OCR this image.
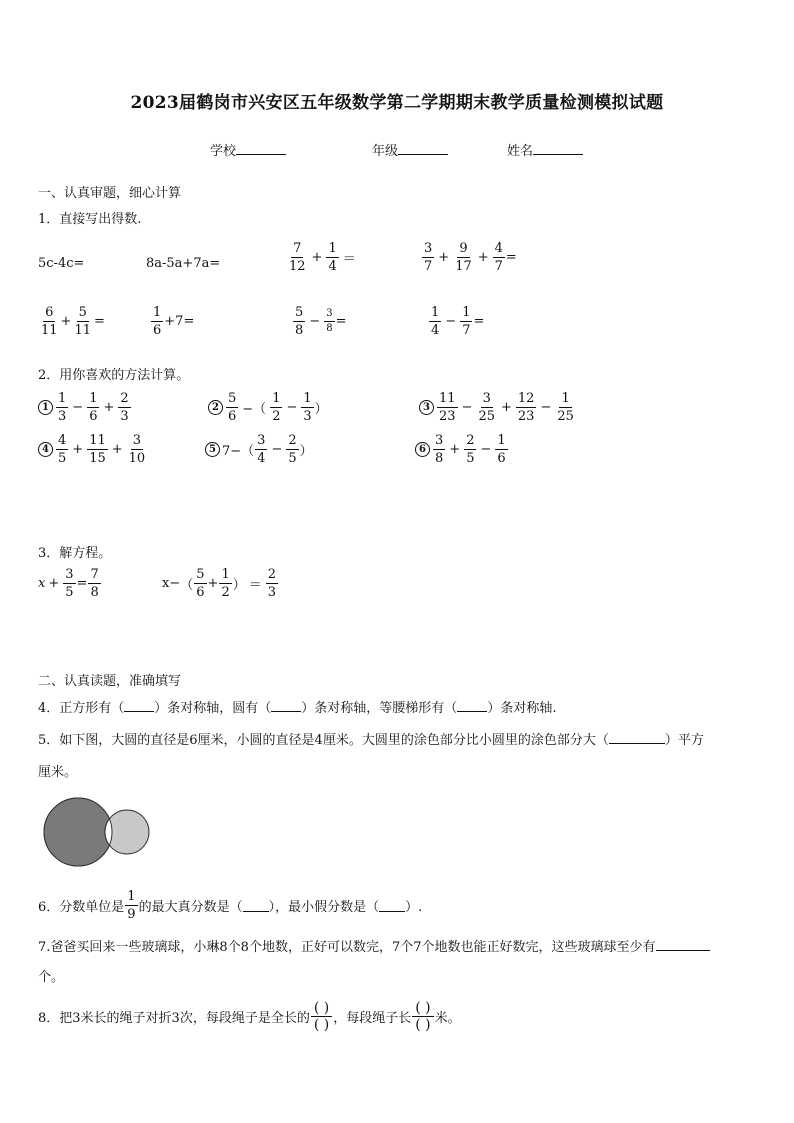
2023届鹤岗市兴安区五年级数学第二学期期末教学质量检测模拟试题
学校	年级	姓名
一、认真审题，细心计算
1．直接写出得数.
5c-4c=	8a-5a+7a=	$\frac{7}{12} + \frac{1}{4}$ ＝	$\frac{3}{7} + \frac{9}{17} + \frac{4}{7}$ =
$\frac{6}{11} + \frac{5}{11}$ =	$\frac{1}{6} +7=$	$\frac{5}{8} - \frac{3}{8}$ =	$\frac{1}{4} - \frac{1}{7}$ =
2．用你喜欢的方法计算。
$1 \frac{1}{3} - \frac{1}{6} + \frac{2}{3}$	$2 \frac{5}{6}$ −（ $\frac{1}{2} - \frac{1}{3}$ ）	$3 \frac{11}{23} - \frac{3}{25} + \frac{12}{23} - \frac{1}{25}$
$4 \frac{4}{5} + \frac{11}{15} + \frac{3}{10}$	5 $7-( \frac{3}{4} - \frac{2}{5}$ ）	$6 \frac{3}{8} + \frac{2}{5} - \frac{1}{6}$
3．解方程。
$x + \frac{3}{5} = \frac{7}{8}$	x− （ $\frac{5}{6} + \frac{1}{2}$ ） ＝ $\frac{2}{3}$
二、认真读题，准确填写
4．正方形有（ ）条对称轴，圆有（ ）条对称轴，等腰梯形有（ ）条对称轴.
5．如下图，大圆的直径是6厘米，小圆的直径是4厘米。大圆里的涂色部分比小圆里的涂色部分大（	）平方
厘米。
6．分数单位是 $\frac{1}{9}$ 的最大真分数是（ ），最小假分数是（ ）.
7.爸爸买回来一些玻璃球，小琳8个8个地数，正好可以数完，7个7个地数也能正好数完，这些玻璃球至少有
个。
8．把3米长的绳子对折3次，每段绳子是全长的 $\frac{( )}{( )}$ ，每段绳子长 $\frac{( )}{( )}$ 米。
